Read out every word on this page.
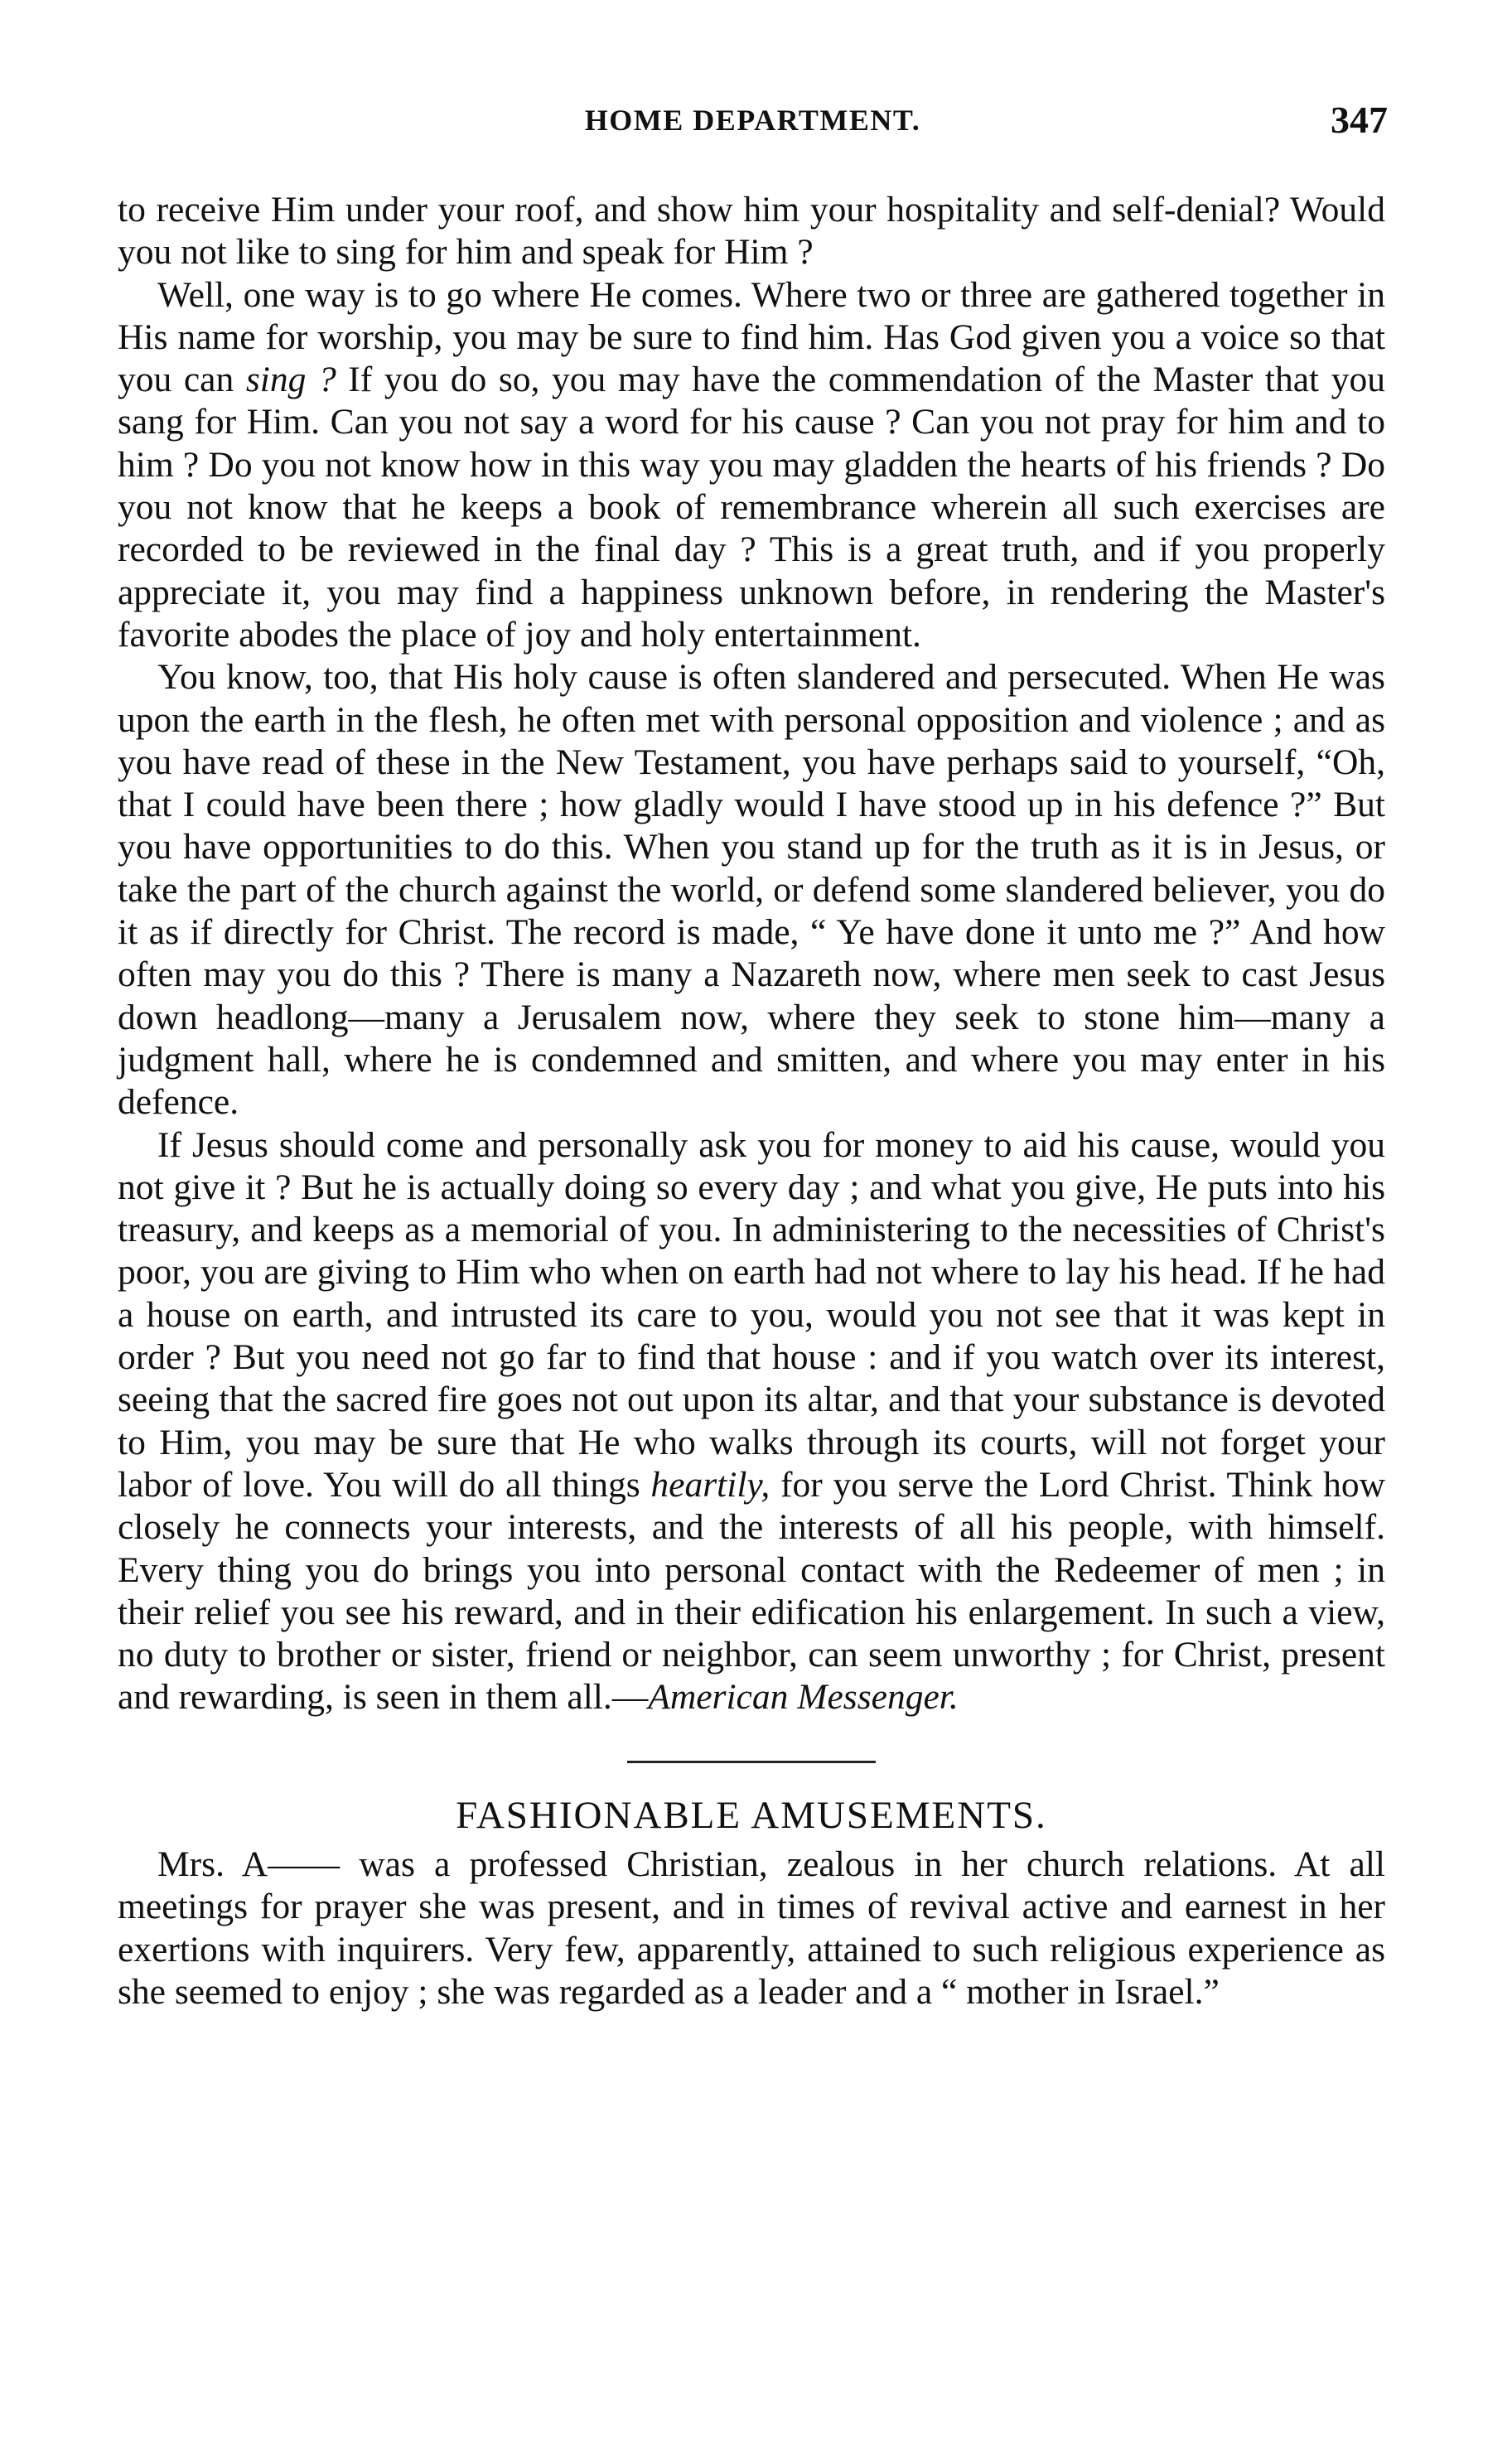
HOME DEPARTMENT.	347

to receive Him under your roof, and show him your hospitality and self-denial? Would you not like to sing for him and speak for Him ?

Well, one way is to go where He comes. Where two or three are gathered together in His name for worship, you may be sure to find him. Has God given you a voice so that you can sing ? If you do so, you may have the commendation of the Master that you sang for Him. Can you not say a word for his cause ? Can you not pray for him and to him ? Do you not know how in this way you may gladden the hearts of his friends ? Do you not know that he keeps a book of remembrance wherein all such exercises are recorded to be reviewed in the final day ? This is a great truth, and if you properly appreciate it, you may find a happiness unknown before, in rendering the Master's favorite abodes the place of joy and holy entertainment.

You know, too, that His holy cause is often slandered and persecuted. When He was upon the earth in the flesh, he often met with personal opposition and violence ; and as you have read of these in the New Testament, you have perhaps said to yourself, “Oh, that I could have been there ; how gladly would I have stood up in his defence ?” But you have opportunities to do this. When you stand up for the truth as it is in Jesus, or take the part of the church against the world, or defend some slandered believer, you do it as if directly for Christ. The record is made, “ Ye have done it unto me ?” And how often may you do this ? There is many a Nazareth now, where men seek to cast Jesus down headlong—many a Jerusalem now, where they seek to stone him—many a judgment hall, where he is condemned and smitten, and where you may enter in his defence.

If Jesus should come and personally ask you for money to aid his cause, would you not give it ? But he is actually doing so every day ; and what you give, He puts into his treasury, and keeps as a memorial of you. In administering to the necessities of Christ's poor, you are giving to Him who when on earth had not where to lay his head. If he had a house on earth, and intrusted its care to you, would you not see that it was kept in order ? But you need not go far to find that house : and if you watch over its interest, seeing that the sacred fire goes not out upon its altar, and that your substance is devoted to Him, you may be sure that He who walks through its courts, will not forget your labor of love. You will do all things heartily, for you serve the Lord Christ. Think how closely he connects your interests, and the interests of all his people, with himself. Every thing you do brings you into personal contact with the Redeemer of men ; in their relief you see his reward, and in their edification his enlargement. In such a view, no duty to brother or sister, friend or neighbor, can seem unworthy ; for Christ, present and rewarding, is seen in them all.—American Messenger.

FASHIONABLE AMUSEMENTS.

Mrs. A—— was a professed Christian, zealous in her church relations. At all meetings for prayer she was present, and in times of revival active and earnest in her exertions with inquirers. Very few, apparently, attained to such religious experience as she seemed to enjoy ; she was regarded as a leader and a “ mother in Israel.”
